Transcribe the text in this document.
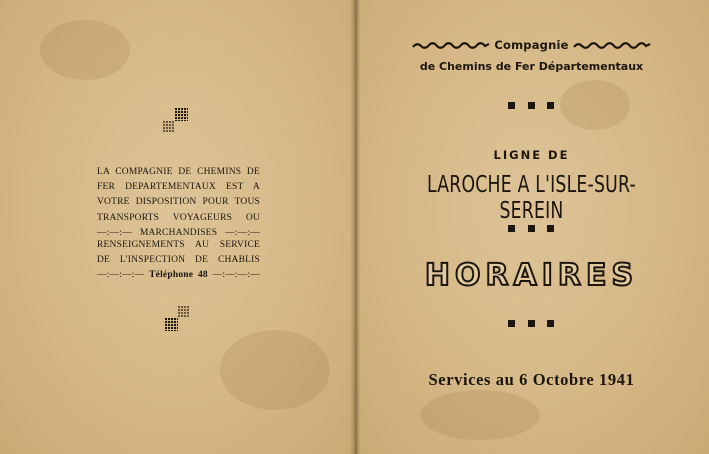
LA COMPAGNIE DE CHEMINS DE
FER DEPARTEMENTAUX EST A
VOTRE DISPOSITION POUR TOUS
TRANSPORTS VOYAGEURS OU
—:—:— MARCHANDISES —:—:—
RENSEIGNEMENTS AU SERVICE
DE L'INSPECTION DE CHABLIS
—:—:—:— Téléphone 48 —:—:—:—
Compagnie
de Chemins de Fer Départementaux
LIGNE DE
LAROCHE A L'ISLE-SUR-SEREIN
HORAIRES
Services au 6 Octobre 1941
